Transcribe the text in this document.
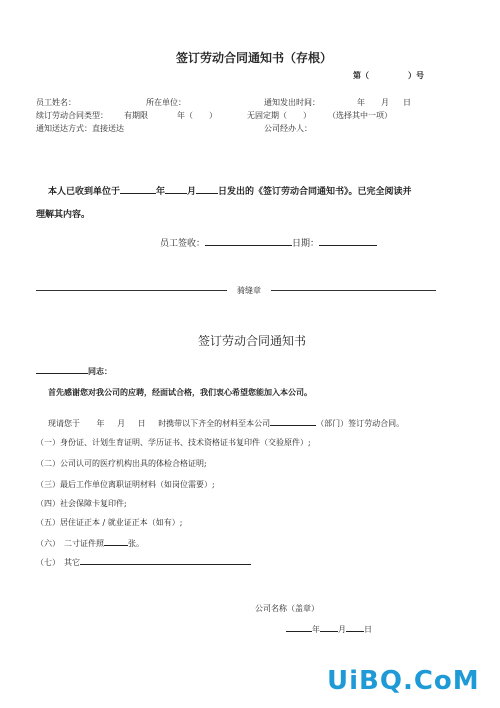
签订劳动合同通知书（存根）
第（	）号
员工姓名：	所在单位：	通知发出时间：	年 月 日
续订劳动合同类型： 有期限	年（　　）	无固定期（　　） （选择其中一项）
通知送达方式：直接送达	公司经办人：
本人已收到单位于	年 月 日发出的《签订劳动合同通知书》。已完全阅读并
理解其内容。
员工签收：	日期：
骑缝章
签订劳动合同通知书
同志：
首先感谢您对我公司的应聘，经面试合格，我们衷心希望您能加入本公司。
现请您于 年 月 日 时携带以下齐全的材料至本公司	（部门）签订劳动合同。
（一）身份证、计划生育证明、学历证书、技术资格证书复印件（交验原件）;
（二）公司认可的医疗机构出具的体检合格证明;
（三）最后工作单位离职证明材料（如岗位需要）;
（四）社会保障卡复印件;
（五）居住证正本 / 就业证正本（如有）;
（六）　二寸证件照	张。
（七）　其它
公司名称（盖章）
年 月 日
UiBQ.CoM
